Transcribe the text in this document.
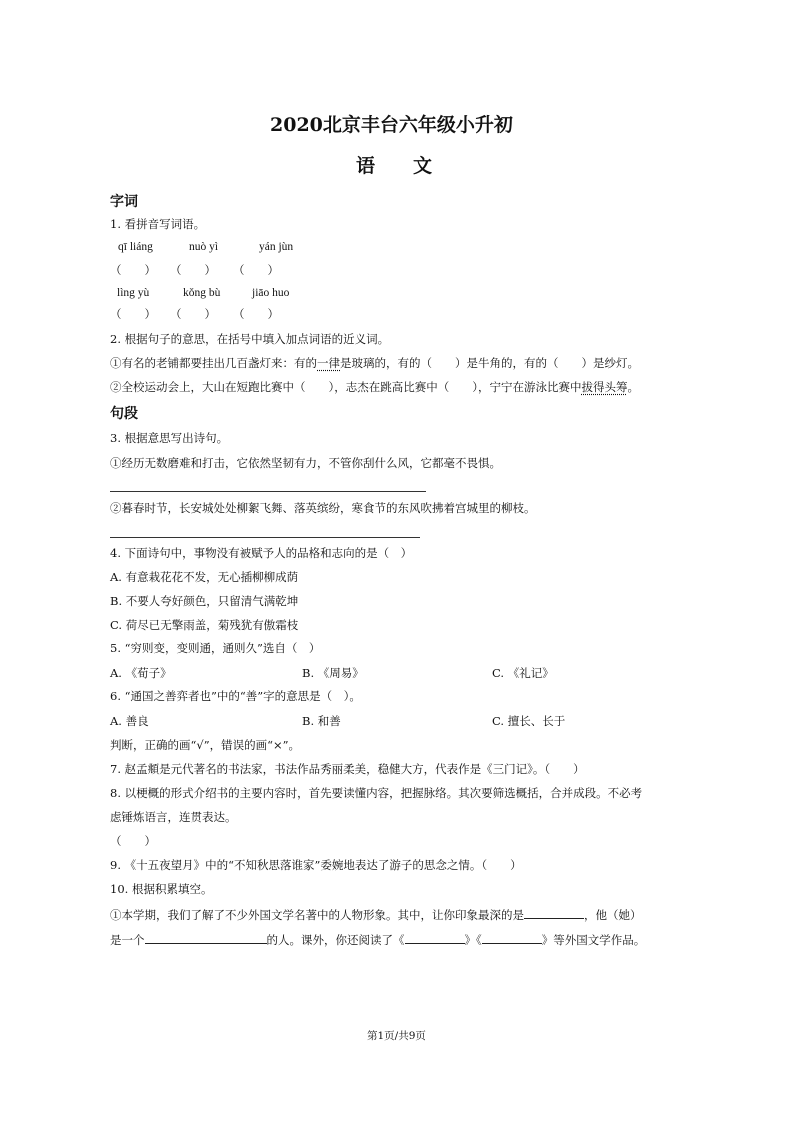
2020北京丰台六年级小升初
语　　文
字词
1. 看拼音写词语。
qī liáng	nuò yì	yán jùn
（　　） （　　） （　　）
lìng yù	kǒng bù	jiāo huo
（　　） （　　） （　　）
2. 根据句子的意思，在括号中填入加点词语的近义词。
①有名的老铺都要挂出几百盏灯来：有的一律是玻璃的，有的（　　）是牛角的，有的（　　）是纱灯。
②全校运动会上，大山在短跑比赛中（　　），志杰在跳高比赛中（　　），宁宁在游泳比赛中拔得头筹。
句段
3. 根据意思写出诗句。
①经历无数磨难和打击，它依然坚韧有力，不管你刮什么风，它都毫不畏惧。
②暮春时节，长安城处处柳絮飞舞、落英缤纷，寒食节的东风吹拂着宫城里的柳枝。
4. 下面诗句中，事物没有被赋予人的品格和志向的是（　）
A. 有意栽花花不发，无心插柳柳成荫
B. 不要人夸好颜色，只留清气满乾坤
C. 荷尽已无擎雨盖，菊残犹有傲霜枝
5. “穷则变，变则通，通则久”选自（　）
A. 《荀子》	B. 《周易》	C. 《礼记》
6. “通国之善弈者也”中的“善”字的意思是（　）。
A. 善良	B. 和善	C. 擅长、长于
判断，正确的画“√”，错误的画“×”。
7. 赵孟頫是元代著名的书法家，书法作品秀丽柔美，稳健大方，代表作是《三门记》。（　　）
8. 以梗概的形式介绍书的主要内容时，首先要读懂内容，把握脉络。其次要筛选概括，合并成段。不必考
虑锤炼语言，连贯表达。
（　　）
9. 《十五夜望月》中的“不知秋思落谁家”委婉地表达了游子的思念之情。（　　）
10. 根据积累填空。
①本学期，我们了解了不少外国文学名著中的人物形象。其中，让你印象最深的是	，他（她）
是一个	的人。课外，你还阅读了《	》《	》等外国文学作品。
第1页/共9页
